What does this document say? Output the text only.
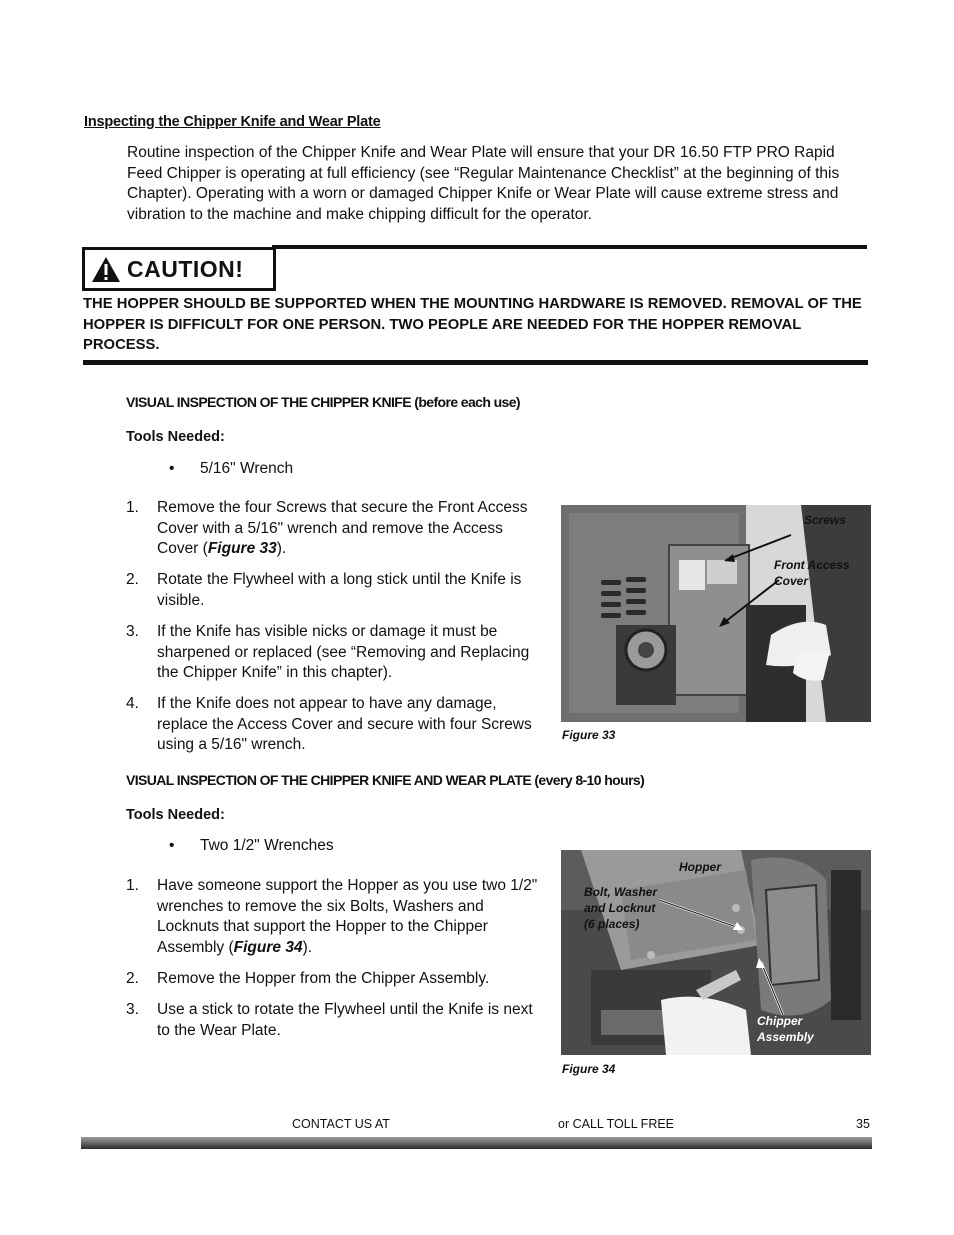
Inspecting the Chipper Knife and Wear Plate
Routine inspection of the Chipper Knife and Wear Plate will ensure that your DR 16.50 FTP PRO Rapid Feed Chipper is operating at full efficiency (see “Regular Maintenance Checklist” at the beginning of this Chapter). Operating with a worn or damaged Chipper Knife or Wear Plate will cause extreme stress and vibration to the machine and make chipping difficult for the operator.
CAUTION!
THE HOPPER SHOULD BE SUPPORTED WHEN THE MOUNTING HARDWARE IS REMOVED. REMOVAL OF THE HOPPER IS DIFFICULT FOR ONE PERSON. TWO PEOPLE ARE NEEDED FOR THE HOPPER REMOVAL PROCESS.
VISUAL INSPECTION OF THE CHIPPER KNIFE (before each use)
Tools Needed:
• 5/16" Wrench
1.	Remove the four Screws that secure the Front Access Cover with a 5/16" wrench and remove the Access Cover (Figure 33).
2.	Rotate the Flywheel with a long stick until the Knife is visible.
3.	If the Knife has visible nicks or damage it must be sharpened or replaced (see “Removing and Replacing the Chipper Knife” in this chapter).
4.	If the Knife does not appear to have any damage, replace the Access Cover and secure with four Screws using a 5/16" wrench.
Screws
Front Access
Cover
Figure 33
VISUAL INSPECTION OF THE CHIPPER KNIFE AND WEAR PLATE (every 8-10 hours)
Tools Needed:
• Two 1/2" Wrenches
1.	Have someone support the Hopper as you use two 1/2" wrenches to remove the six Bolts, Washers and Locknuts that support the Hopper to the Chipper Assembly (Figure 34).
2.	Remove the Hopper from the Chipper Assembly.
3.	Use a stick to rotate the Flywheel until the Knife is next to the Wear Plate.
Hopper
Bolt, Washer
and Locknut
(6 places)
Chipper
Assembly
Figure 34
CONTACT US AT	or CALL TOLL FREE	35
